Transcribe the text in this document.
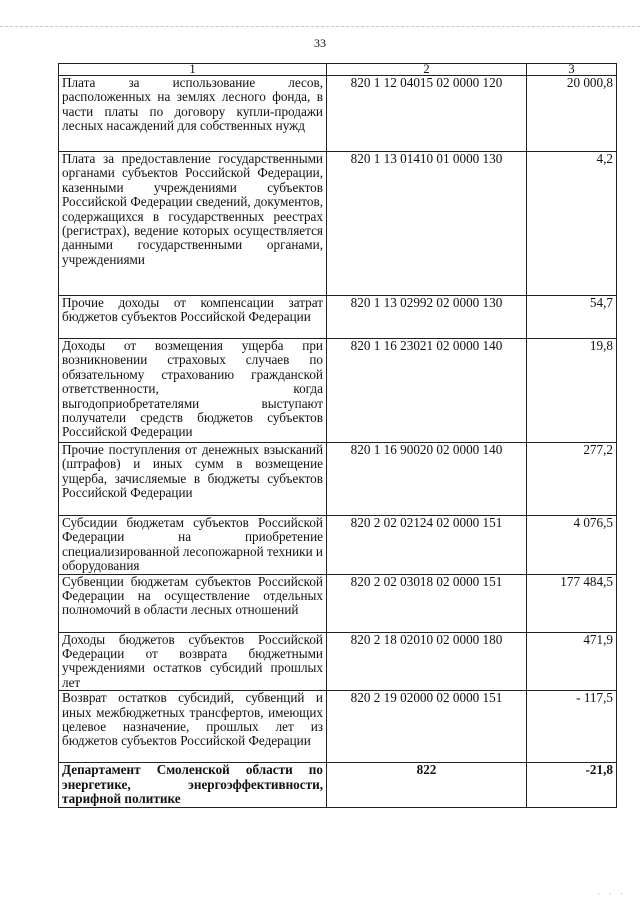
33
1	2	3
Плата за использование лесов, расположенных на землях лесного фонда, в части платы по договору купли-продажи лесных насаждений для собственных нужд	820 1 12 04015 02 0000 120	20 000,8
Плата за предоставление государственными органами субъектов Российской Федерации, казенными учреждениями субъектов Российской Федерации сведений, документов, содержащихся в государственных реестрах (регистрах), ведение которых осуществляется данными государственными органами, учреждениями	820 1 13 01410 01 0000 130	4,2
Прочие доходы от компенсации затрат бюджетов субъектов Российской Федерации	820 1 13 02992 02 0000 130	54,7
Доходы от возмещения ущерба при возникновении страховых случаев по обязательному страхованию гражданской ответственности, когда выгодоприобретателями выступают получатели средств бюджетов субъектов Российской Федерации	820 1 16 23021 02 0000 140	19,8
Прочие поступления от денежных взысканий (штрафов) и иных сумм в возмещение ущерба, зачисляемые в бюджеты субъектов Российской Федерации	820 1 16 90020 02 0000 140	277,2
Субсидии бюджетам субъектов Российской Федерации на приобретение специализированной лесопожарной техники и оборудования	820 2 02 02124 02 0000 151	4 076,5
Субвенции бюджетам субъектов Российской Федерации на осуществление отдельных полномочий в области лесных отношений	820 2 02 03018 02 0000 151	177 484,5
Доходы бюджетов субъектов Российской Федерации от возврата бюджетными учреждениями остатков субсидий прошлых лет	820 2 18 02010 02 0000 180	471,9
Возврат остатков субсидий, субвенций и иных межбюджетных трансфертов, имеющих целевое назначение, прошлых лет из бюджетов субъектов Российской Федерации	820 2 19 02000 02 0000 151	- 117,5
Департамент Смоленской области по энергетике, энергоэффективности, тарифной политике	822	-21,8
· · ·
